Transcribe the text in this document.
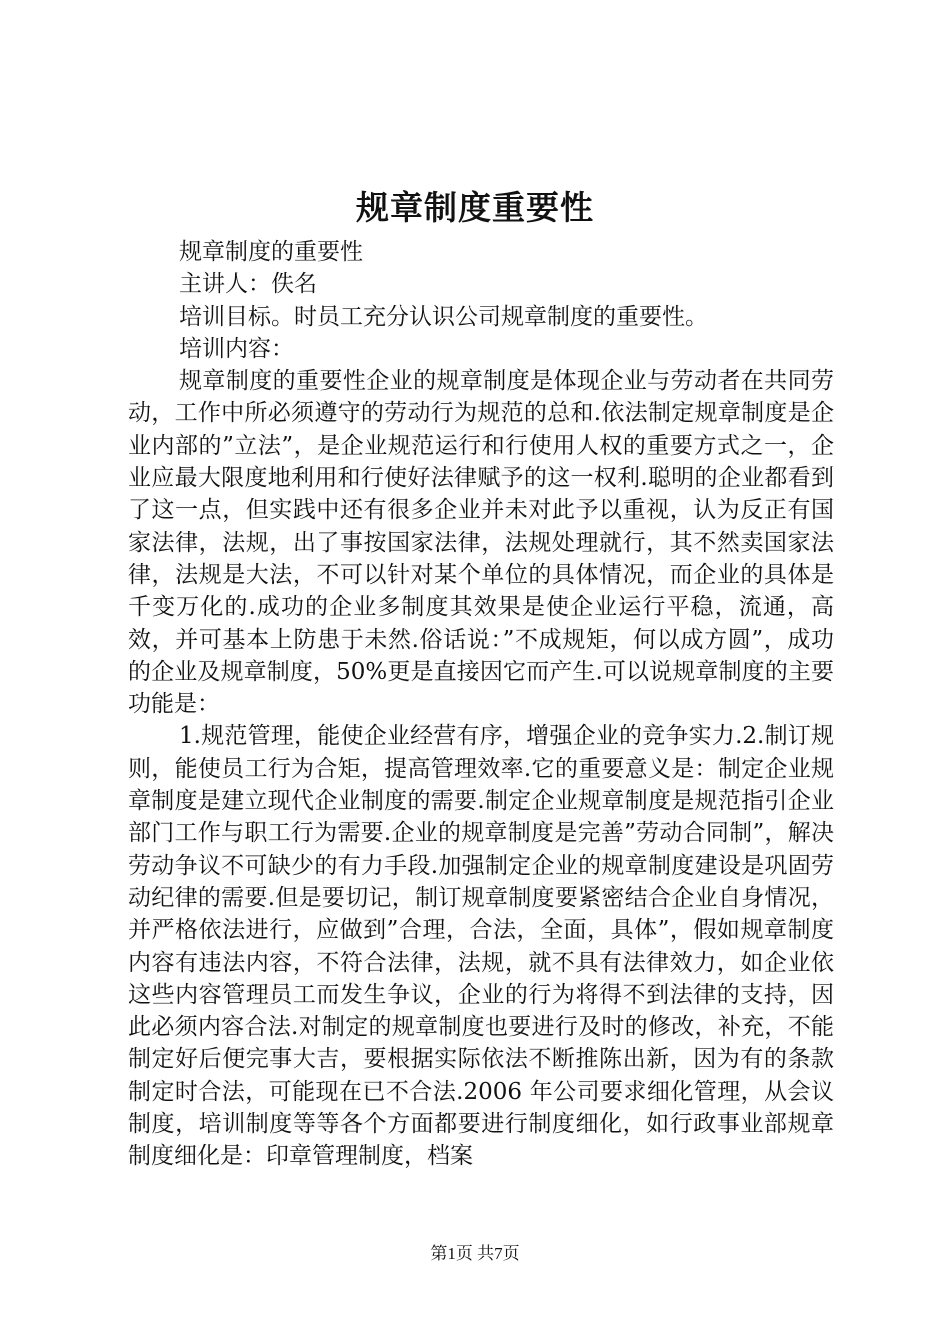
规章制度重要性

规章制度的重要性

主讲人：佚名

培训目标。时员工充分认识公司规章制度的重要性。

培训内容：

规章制度的重要性企业的规章制度是体现企业与劳动者在共同劳动，工作中所必须遵守的劳动行为规范的总和.依法制定规章制度是企业内部的”立法”，是企业规范运行和行使用人权的重要方式之一，企业应最大限度地利用和行使好法律赋予的这一权利.聪明的企业都看到了这一点，但实践中还有很多企业并未对此予以重视，认为反正有国家法律，法规，出了事按国家法律，法规处理就行，其不然卖国家法律，法规是大法，不可以针对某个单位的具体情况，而企业的具体是千变万化的.成功的企业多制度其效果是使企业运行平稳，流通，高效，并可基本上防患于未然.俗话说：”不成规矩，何以成方圆”，成功的企业及规章制度，50%更是直接因它而产生.可以说规章制度的主要功能是：

1.规范管理，能使企业经营有序，增强企业的竞争实力.2.制订规则，能使员工行为合矩，提高管理效率.它的重要意义是：制定企业规章制度是建立现代企业制度的需要.制定企业规章制度是规范指引企业部门工作与职工行为需要.企业的规章制度是完善”劳动合同制”，解决劳动争议不可缺少的有力手段.加强制定企业的规章制度建设是巩固劳动纪律的需要.但是要切记，制订规章制度要紧密结合企业自身情况，并严格依法进行，应做到”合理，合法，全面，具体”，假如规章制度内容有违法内容，不符合法律，法规，就不具有法律效力，如企业依这些内容管理员工而发生争议，企业的行为将得不到法律的支持，因此必须内容合法.对制定的规章制度也要进行及时的修改，补充，不能制定好后便完事大吉，要根据实际依法不断推陈出新，因为有的条款制定时合法，可能现在已不合法.2006 年公司要求细化管理，从会议制度，培训制度等等各个方面都要进行制度细化，如行政事业部规章制度细化是：印章管理制度，档案

第1页 共7页
